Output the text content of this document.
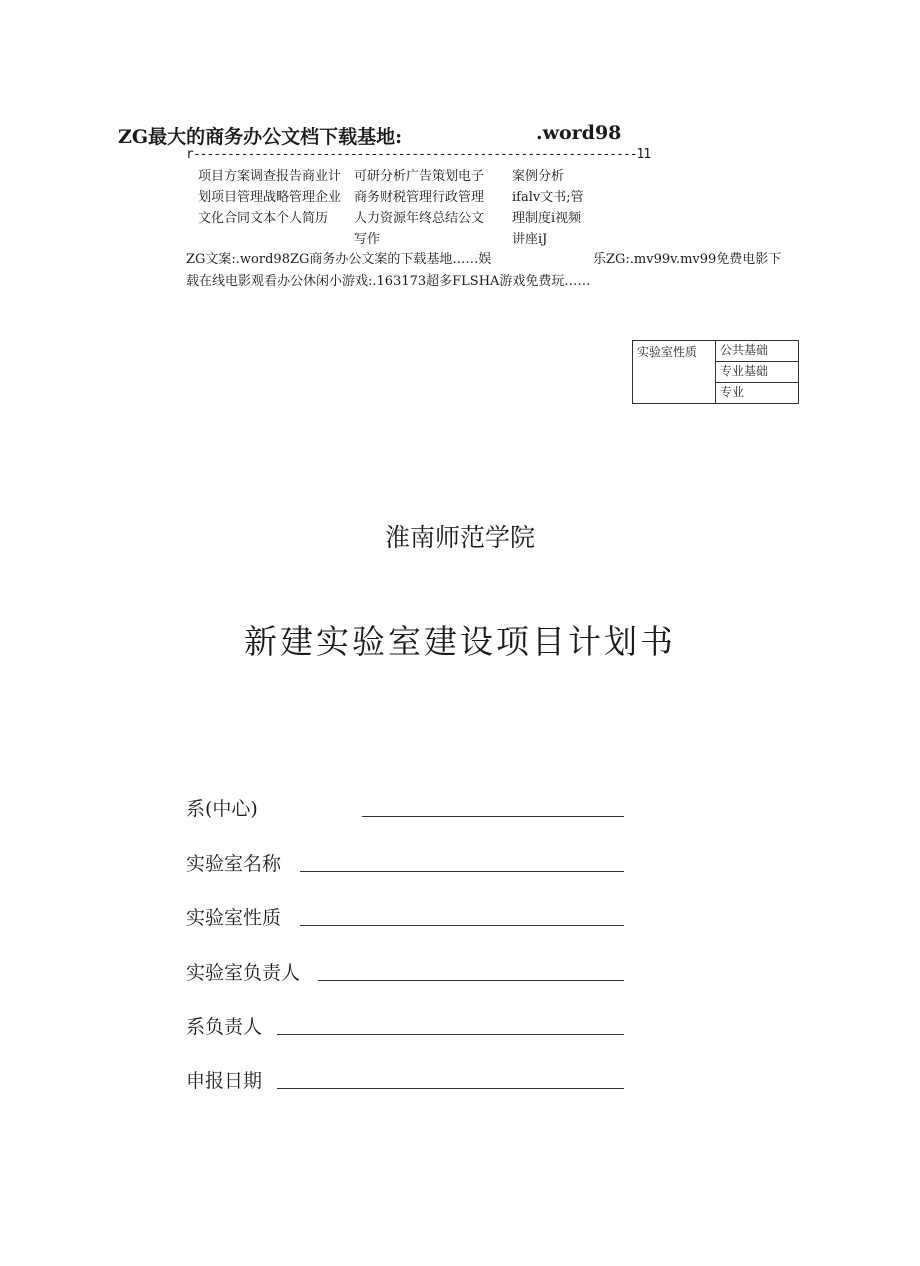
ZG最大的商务办公文档下载基地:	.word98
r-----------------------------------------------------------------11
项目方案调查报告商业计划项目管理战略管理企业文化合同文本个人简历
可研分析广告策划电子商务财税管理行政管理人力资源年终总结公文写作
案例分析ifalv文书;管理制度i视频讲座iJ
ZG文案:.word98ZG商务办公文案的下载基地……娱	乐ZG:.mv99v.mv99免费电影下
载在线电影观看办公休闲小游戏:.163173超多FLSHA游戏免费玩……
实验室性质	公共基础
专业基础
专业
淮南师范学院
新建实验室建设项目计划书
系(中心)
实验室名称
实验室性质
实验室负责人
系负责人
申报日期
